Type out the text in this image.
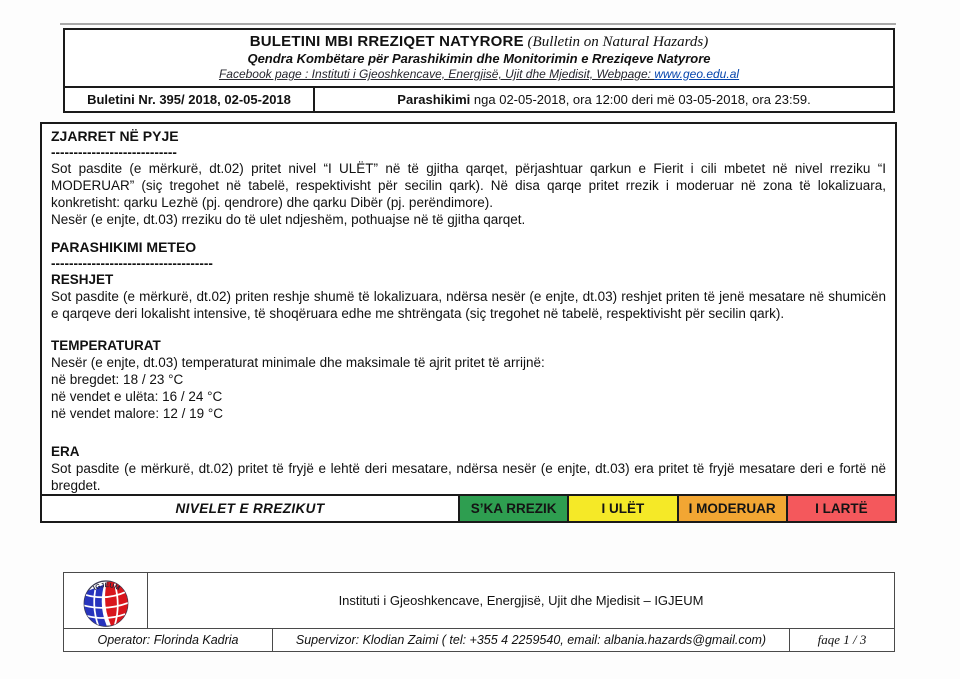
BULETINI MBI RREZIQET NATYRORE (Bulletin on Natural Hazards)
Qendra Kombëtare për Parashikimin dhe Monitorimin e Rreziqeve Natyrore
Facebook page : Instituti i Gjeoshkencave, Energjisë, Ujit dhe Mjedisit, Webpage: www.geo.edu.al
Buletini Nr. 395/ 2018, 02-05-2018	Parashikimi nga 02-05-2018, ora 12:00 deri më 03-05-2018, ora 23:59.
ZJARRET NË PYJE
----------------------------
Sot pasdite (e mërkurë, dt.02) pritet nivel “I ULËT” në të gjitha qarqet, përjashtuar qarkun e Fierit i cili mbetet në nivel rreziku “I MODERUAR” (siç tregohet në tabelë, respektivisht për secilin qark). Në disa qarqe pritet rrezik i moderuar në zona të lokalizuara, konkretisht: qarku Lezhë (pj. qendrore) dhe qarku Dibër (pj. perëndimore).
Nesër (e enjte, dt.03) rreziku do të ulet ndjeshëm, pothuajse në të gjitha qarqet.
PARASHIKIMI METEO
------------------------------------
RESHJET
Sot pasdite (e mërkurë, dt.02) priten reshje shumë të lokalizuara, ndërsa nesër (e enjte, dt.03) reshjet priten të jenë mesatare në shumicën e qarqeve deri lokalisht intensive, të shoqëruara edhe me shtrëngata (siç tregohet në tabelë, respektivisht për secilin qark).
TEMPERATURAT
Nesër (e enjte, dt.03) temperaturat minimale dhe maksimale të ajrit pritet të arrijnë:
në bregdet: 18 / 23 °C
në vendet e ulëta: 16 / 24 °C
në vendet malore: 12 / 19 °C
ERA
Sot pasdite (e mërkurë, dt.02) pritet të fryjë e lehtë deri mesatare, ndërsa nesër (e enjte, dt.03) era pritet të fryjë mesatare deri e fortë në bregdet.
NIVELET E RREZIKUT	S’KA RREZIK	I ULËT	I MODERUAR	I LARTË
IGJEUM
Instituti i Gjeoshkencave, Energjisë, Ujit dhe Mjedisit – IGJEUM
Operator: Florinda Kadria	Supervizor: Klodian Zaimi ( tel: +355 4 2259540, email: albania.hazards@gmail.com)	faqe 1 / 3
